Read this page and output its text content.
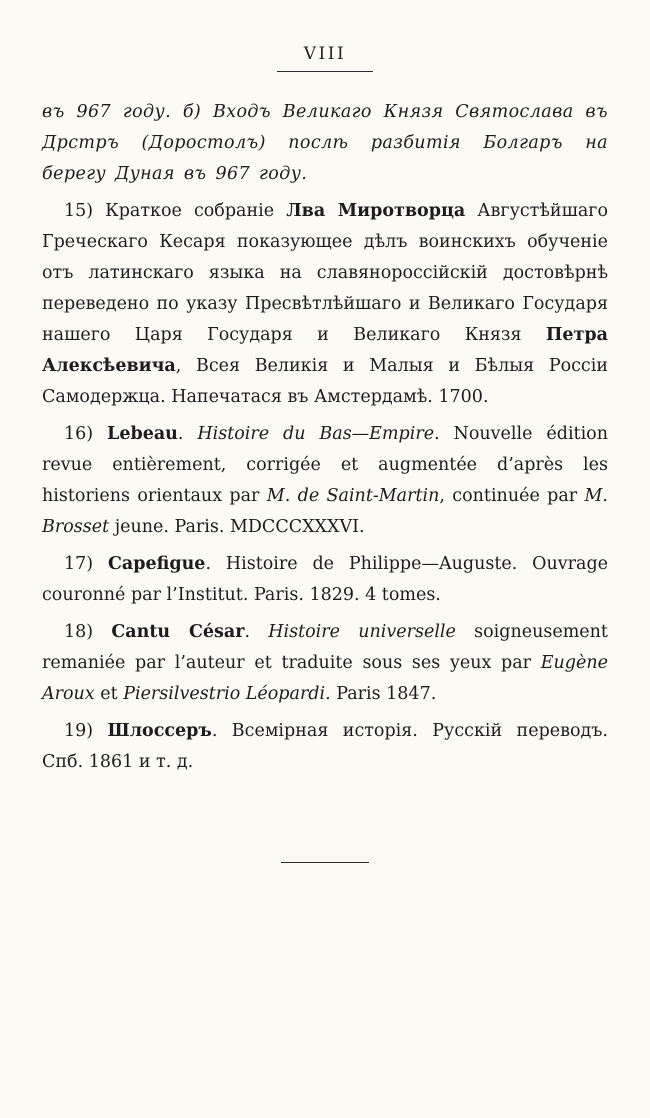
VIII

въ 967 году. б) Входъ Великаго Князя Святослава въ Дрстръ (Доростолъ) послѣ разбитія Болгаръ на берегу Дуная въ 967 году.

15) Краткое собраніе Лва Миротворца Августѣйшаго Греческаго Кесаря показующее дѣлъ воинскихъ обученіе отъ латинскаго языка на славянороссійскій достовѣрнѣ переведено по указу Пресвѣтлѣйшаго и Великаго Государя нашего Царя Государя и Великаго Князя Петра Алексѣевича, Всея Великія и Малыя и Бѣлыя Россіи Самодержца. Напечатася въ Амстердамѣ. 1700.

16) Lebeau. Histoire du Bas—Empire. Nouvelle édition revue entièrement, corrigée et augmentée d’après les historiens orientaux par M. de Saint-Martin, continuée par M. Brosset jeune. Paris. MDCCCXXXVI.

17) Capefigue. Histoire de Philippe—Auguste. Ouvrage couronné par l’Institut. Paris. 1829. 4 tomes.

18) Cantu César. Histoire universelle soigneusement remaniée par l’auteur et traduite sous ses yeux par Eugène Aroux et Piersilvestrio Léopardi. Paris 1847.

19) Шлоссеръ. Всемірная исторія. Русскій переводъ. Спб. 1861 и т. д.
